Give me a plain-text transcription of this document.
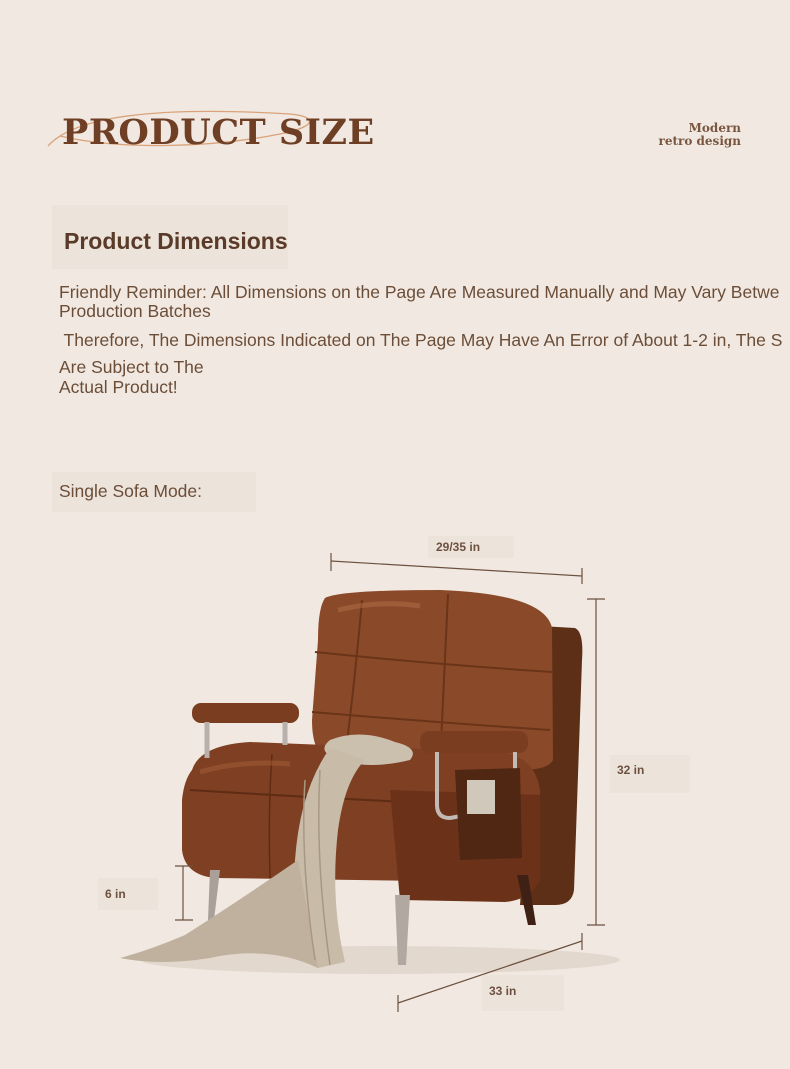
PRODUCT SIZE	Modern
retro design
Product Dimensions
Friendly Reminder: All Dimensions on the Page Are Measured Manually and May Vary Betwe
Production Batches
Therefore, The Dimensions Indicated on The Page May Have An Error of About 1-2 in, The S
Are Subject to The
Actual Product!
Single Sofa Mode:
29/35 in
32 in
6 in
33 in
